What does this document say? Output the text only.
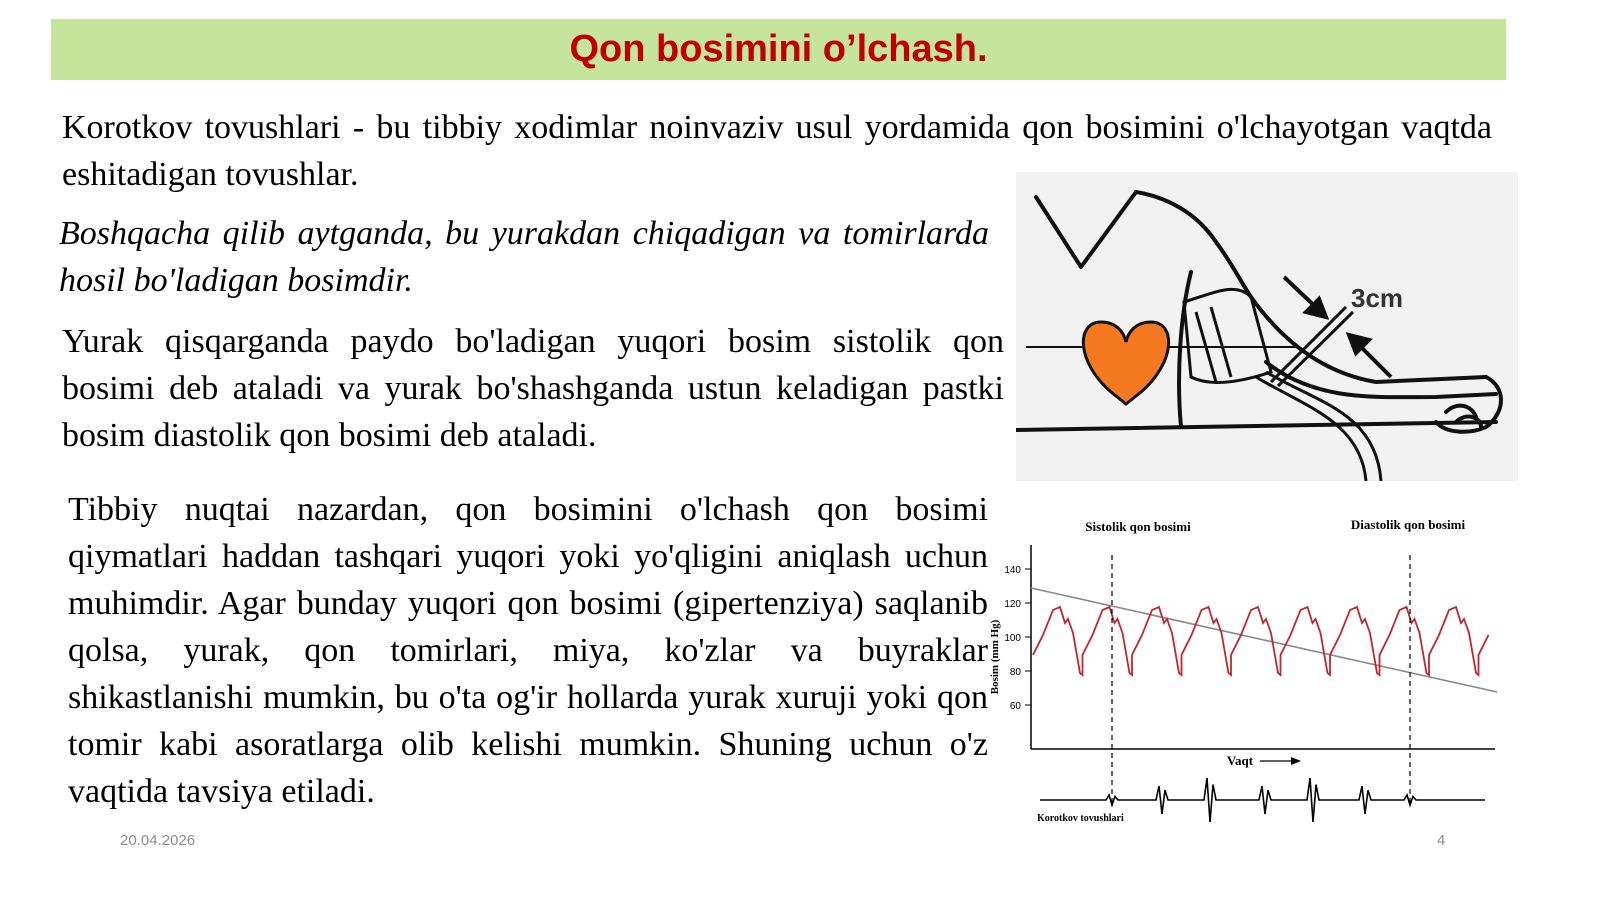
Qon bosimini o’lchash.

Korotkov tovushlari - bu tibbiy xodimlar noinvaziv usul yordamida qon bosimini o'lchayotgan vaqtda eshitadigan tovushlar.

Boshqacha qilib aytganda, bu yurakdan chiqadigan va tomirlarda hosil bo'ladigan bosimdir.

Yurak qisqarganda paydo bo'ladigan yuqori bosim sistolik qon bosimi deb ataladi va yurak bo'shashganda ustun keladigan pastki bosim diastolik qon bosimi deb ataladi.

Tibbiy nuqtai nazardan, qon bosimini o'lchash qon bosimi qiymatlari haddan tashqari yuqori yoki yo'qligini aniqlash uchun muhimdir. Agar bunday yuqori qon bosimi (gipertenziya) saqlanib qolsa, yurak, qon tomirlari, miya, ko'zlar va buyraklar shikastlanishi mumkin, bu o'ta og'ir hollarda yurak xuruji yoki qon tomir kabi asoratlarga olib kelishi mumkin. Shuning uchun o'z vaqtida tavsiya etiladi.

3cm
Sistolik qon bosimi	Diastolik qon bosimi
Bosim (mm Hg)
140
120
100
80
60
Vaqt
Korotkov tovushlari
20.04.2026	4
